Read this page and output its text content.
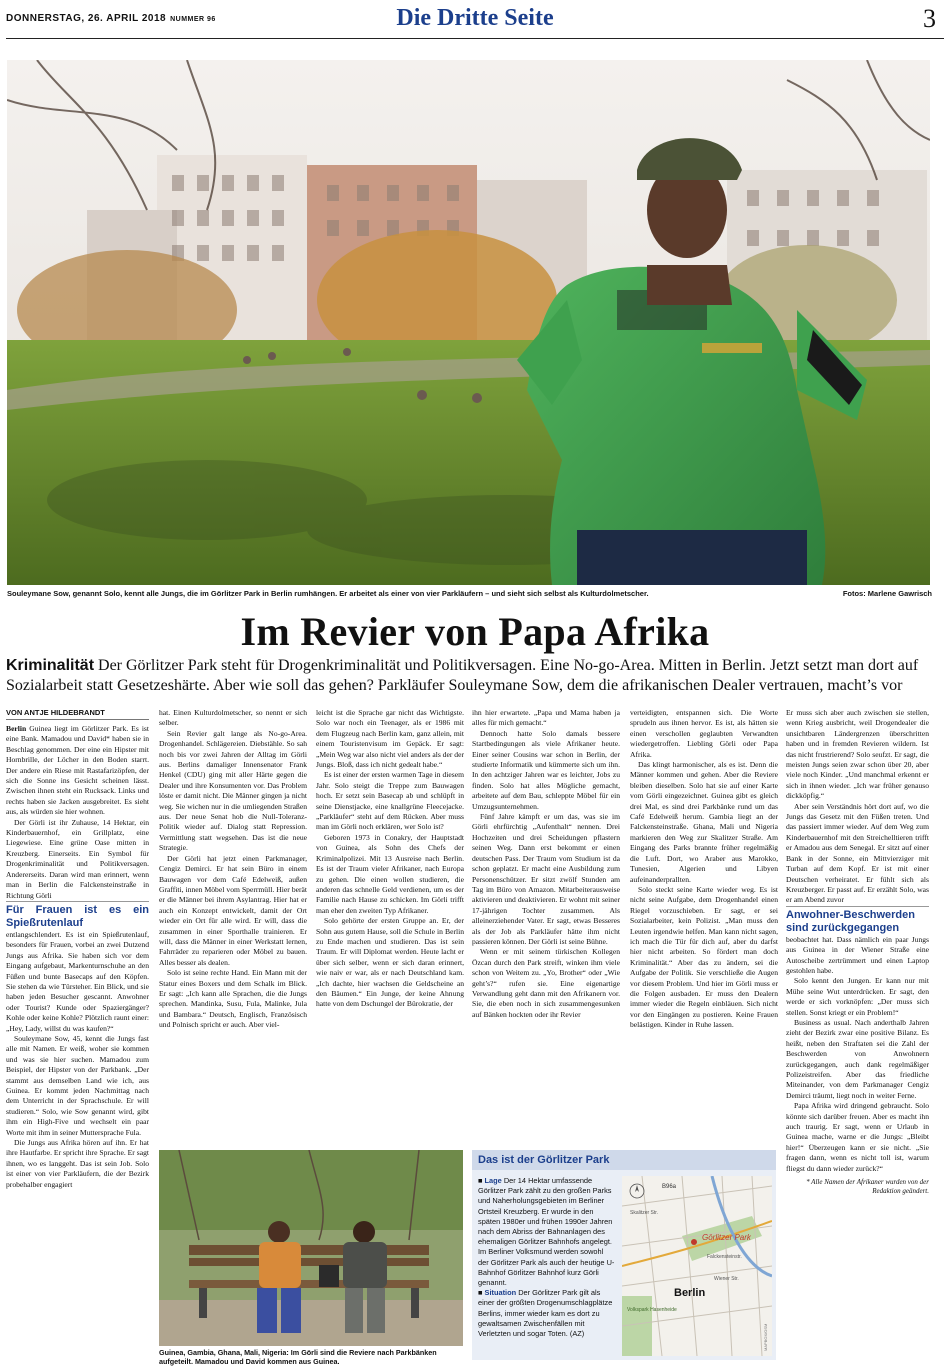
DONNERSTAG, 26. APRIL 2018 NUMMER 96	Die Dritte Seite	3
Souleymane Sow, genannt Solo, kennt alle Jungs, die im Görlitzer Park in Berlin rumhängen. Er arbeitet als einer von vier Parkläufern – und sieht sich selbst als Kulturdolmetscher.	Fotos: Marlene Gawrisch
Im Revier von Papa Afrika
Kriminalität Der Görlitzer Park steht für Drogenkriminalität und Politikversagen. Eine No-go-Area. Mitten in Berlin. Jetzt setzt man dort auf Sozialarbeit statt Gesetzeshärte. Aber wie soll das gehen? Parkläufer Souleymane Sow, dem die afrikanischen Dealer vertrauen, macht’s vor
VON ANTJE HILDEBRANDT

Berlin Guinea liegt im Görlitzer Park. Es ist eine Bank. Mamadou und David* haben sie in Beschlag genommen. Der eine ein Hipster mit Hornbrille, der Löcher in den Boden starrt. Der andere ein Riese mit Rastafarizöpfen, der sich die Sonne ins Gesicht scheinen lässt. Zwischen ihnen steht ein Rucksack. Links und rechts haben sie Jacken ausgebreitet. Es sieht aus, als würden sie hier wohnen.

Der Görli ist ihr Zuhause, 14 Hektar, ein Kinderbauernhof, ein Grillplatz, eine Liegewiese. Eine grüne Oase mitten in Kreuzberg. Einerseits. Ein Symbol für Drogenkriminalität und Politikversagen. Andererseits. Daran wird man erinnert, wenn man in Berlin die Falckensteinstraße in Richtung Görli

Für Frauen ist es ein Spießrutenlauf

entlangschlendert. Es ist ein Spießrutenlauf, besonders für Frauen, vorbei an zwei Dutzend Jungs aus Afrika. Sie haben sich vor dem Eingang aufgebaut, Markenturnschuhe an den Füßen und bunte Basecaps auf den Köpfen. Sie stehen da wie Türsteher. Ein Blick, und sie haben jeden Besucher gescannt. Anwohner oder Tourist? Kunde oder Spaziergänger? Kohle oder keine Kohle? Plötzlich raunt einer: „Hey, Lady, willst du was kaufen?“

Souleymane Sow, 45, kennt die Jungs fast alle mit Namen. Er weiß, woher sie kommen und was sie hier suchen. Mamadou zum Beispiel, der Hipster von der Parkbank. „Der stammt aus demselben Land wie ich, aus Guinea. Er kommt jeden Nachmittag nach dem Unterricht in der Sprachschule. Er will studieren.“ Solo, wie Sow genannt wird, gibt ihm ein High-Five und wechselt ein paar Worte mit ihm in seiner Muttersprache Fula.

Die Jungs aus Afrika hören auf ihn. Er hat ihre Hautfarbe. Er spricht ihre Sprache. Er sagt ihnen, wo es langgeht. Das ist sein Job. Solo ist einer von vier Parkläufern, die der Bezirk probehalber engagiert

hat. Einen Kulturdolmetscher, so nennt er sich selber.

Sein Revier galt lange als No-go-Area. Drogenhandel. Schlägereien. Diebstähle. So sah noch bis vor zwei Jahren der Alltag im Görli aus. Berlins damaliger Innensenator Frank Henkel (CDU) ging mit aller Härte gegen die Dealer und ihre Konsumenten vor. Das Problem löste er damit nicht. Die Männer gingen ja nicht weg. Sie wichen nur in die umliegenden Straßen aus. Der neue Senat hob die Null-Toleranz-Politik wieder auf. Dialog statt Repression. Vermittlung statt wegsehen. Das ist die neue Strategie.

Der Görli hat jetzt einen Parkmanager, Cengiz Demirci. Er hat sein Büro in einem Bauwagen vor dem Café Edelweiß, außen Graffiti, innen Möbel vom Sperrmüll. Hier berät er die Männer bei ihrem Asylantrag. Hier hat er auch ein Konzept entwickelt, damit der Ort wieder ein Ort für alle wird. Er will, dass die zusammen in einer Sporthalle trainieren. Er will, dass die Männer in einer Werkstatt lernen, Fahrräder zu reparieren oder Möbel zu bauen. Alles besser als dealen.

Solo ist seine rechte Hand. Ein Mann mit der Statur eines Boxers und dem Schalk im Blick. Er sagt: „Ich kann alle Sprachen, die die Jungs sprechen. Mandinka, Susu, Fula, Malinke, Jula und Bambara.“ Deutsch, Englisch, Französisch und Polnisch spricht er auch. Aber viel-

leicht ist die Sprache gar nicht das Wichtigste. Solo war noch ein Teenager, als er 1986 mit dem Flugzeug nach Berlin kam, ganz allein, mit einem Touristenvisum im Gepäck. Er sagt: „Mein Weg war also nicht viel anders als der der Jungs. Bloß, dass ich nicht gedealt habe.“

Es ist einer der ersten warmen Tage in diesem Jahr. Solo steigt die Treppe zum Bauwagen hoch. Er setzt sein Basecap ab und schlüpft in seine Dienstjacke, eine knallgrüne Fleecejacke. „Parkläufer“ steht auf dem Rücken. Aber muss man im Görli noch erklären, wer Solo ist?

Geboren 1973 in Conakry, der Hauptstadt von Guinea, als Sohn des Chefs der Kriminalpolizei. Mit 13 Ausreise nach Berlin. Es ist der Traum vieler Afrikaner, nach Europa zu gehen. Die einen wollen studieren, die anderen das schnelle Geld verdienen, um es der Familie nach Hause zu schicken. Im Görli trifft man eher den zweiten Typ Afrikaner.

Solo gehörte der ersten Gruppe an. Er, der Sohn aus gutem Hause, soll die Schule in Berlin zu Ende machen und studieren. Das ist sein Traum. Er will Diplomat werden. Heute lacht er über sich selber, wenn er sich daran erinnert, wie naiv er war, als er nach Deutschland kam. „Ich dachte, hier wachsen die Geldscheine an den Bäumen.“ Ein Junge, der keine Ahnung hatte von dem Dschungel der Bürokratie, der

ihn hier erwartete. „Papa und Mama haben ja alles für mich gemacht.“

Dennoch hatte Solo damals bessere Startbedingungen als viele Afrikaner heute. Einer seiner Cousins war schon in Berlin, der studierte Informatik und kümmerte sich um ihn. In den achtziger Jahren war es leichter, Jobs zu finden. Solo hat alles Mögliche gemacht, arbeitete auf dem Bau, schleppte Möbel für ein Umzugsunternehmen.

Fünf Jahre kämpft er um das, was sie im Görli ehrfürchtig „Aufenthalt“ nennen. Drei Hochzeiten und drei Scheidungen pflastern seinen Weg. Dann erst bekommt er einen deutschen Pass. Der Traum vom Studium ist da schon geplatzt. Er macht eine Ausbildung zum Personenschützer. Er sitzt zwölf Stunden am Tag im Büro von Amazon. Mitarbeiterausweise aktivieren und deaktivieren. Er wohnt mit seiner 17-jährigen Tochter zusammen. Als alleinerziehender Vater. Er sagt, etwas Besseres als der Job als Parkläufer hätte ihm nicht passieren können. Der Görli ist seine Bühne.

Wenn er mit seinem türkischen Kollegen Özcan durch den Park streift, winken ihm viele schon von Weitem zu. „Yo, Brother“ oder „Wie geht’s?“ rufen sie. Eine eigenartige Verwandlung geht dann mit den Afrikanern vor. Sie, die eben noch in sich zusammengesunken auf Bänken hockten oder ihr Revier

verteidigten, entspannen sich. Die Worte sprudeln aus ihnen hervor. Es ist, als hätten sie einen verschollen geglaubten Verwandten wiedergetroffen. Liebling Görli oder Papa Afrika.

Das klingt harmonischer, als es ist. Denn die Männer kommen und gehen. Aber die Reviere bleiben dieselben. Solo hat sie auf einer Karte vom Görli eingezeichnet. Guinea gibt es gleich drei Mal, es sind drei Parkbänke rund um das Café Edelweiß herum. Gambia liegt an der Falckensteinstraße. Ghana, Mali und Nigeria markieren den Weg zur Skalitzer Straße. Am Eingang des Parks brannte früher regelmäßig die Luft. Dort, wo Araber aus Marokko, Tunesien, Algerien und Libyen aufeinanderprallten.

Solo steckt seine Karte wieder weg. Es ist nicht seine Aufgabe, dem Drogenhandel einen Riegel vorzuschieben. Er sagt, er sei Sozialarbeiter, kein Polizist. „Man muss den Leuten irgendwie helfen. Man kann nicht sagen, ich mach die Tür für dich auf, aber du darfst hier nicht arbeiten. So fördert man doch Kriminalität.“ Aber das zu ändern, sei die Aufgabe der Politik. Sie verschließe die Augen vor diesem Problem. Und hier im Görli muss er die Folgen ausbaden. Er muss den Dealern immer wieder die Regeln einbläuen. Sich nicht vor den Eingängen zu postieren. Keine Frauen belästigen. Kinder in Ruhe lassen.

Er muss sich aber auch zwischen sie stellen, wenn Krieg ausbricht, weil Drogendealer die unsichtbaren Ländergrenzen überschritten haben und in fremden Revieren wildern. Ist das nicht frustrierend? Solo seufzt. Er sagt, die meisten Jungs seien zwar schon über 20, aber viele noch Kinder. „Und manchmal erkennt er sich in ihnen wieder. „Ich war früher genauso dickköpfig.“

Aber sein Verständnis hört dort auf, wo die Jungs das Gesetz mit den Füßen treten. Und das passiert immer wieder. Auf dem Weg zum Kinderbauernhof mit den Streichelltieren trifft er Amadou aus dem Senegal. Er sitzt auf einer Bank in der Sonne, ein Mittvierziger mit Turban auf dem Kopf. Er ist mit einer Deutschen verheiratet. Er fühlt sich als Kreuzberger. Er passt auf. Er erzählt Solo, was er am Abend zuvor

Anwohner-Beschwerden sind zurückgegangen

beobachtet hat. Dass nämlich ein paar Jungs aus Guinea in der Wiener Straße eine Autoscheibe zertrümmert und einen Laptop gestohlen habe.

Solo kennt den Jungen. Er kann nur mit Mühe seine Wut unterdrücken. Er sagt, den werde er sich vorknöpfen: „Der muss sich stellen. Sonst kriegt er ein Problem!“

Business as usual. Nach anderthalb Jahren zieht der Bezirk zwar eine positive Bilanz. Es heißt, neben den Straftaten sei die Zahl der Beschwerden von Anwohnern zurückgegangen, auch dank regelmäßiger Polizeistreifen. Aber das friedliche Miteinander, von dem Parkmanager Cengiz Demirci träumt, liegt noch in weiter Ferne.

Papa Afrika wird dringend gebraucht. Solo könnte sich darüber freuen. Aber es macht ihn auch traurig. Er sagt, wenn er Urlaub in Guinea mache, warne er die Jungs: „Bleibt hier!“ Überzeugen kann er sie nicht. „Sie fragen dann, wenn es nicht toll ist, warum fliegst du dann wieder zurück?“

* Alle Namen der Afrikaner wurden von der Redaktion geändert.
Guinea, Gambia, Ghana, Mali, Nigeria: Im Görli sind die Reviere nach Parkbänken aufgeteilt. Mamadou und David kommen aus Guinea.
Das ist der Görlitzer Park
■ Lage Der 14 Hektar umfassende Görlitzer Park zählt zu den großen Parks und Naherholungsgebieten im Berliner Ortsteil Kreuzberg. Er wurde in den späten 1980er und frühen 1990er Jahren nach dem Abriss der Bahnanlagen des ehemaligen Görlitzer Bahnhofs angelegt. Im Berliner Volksmund werden sowohl der Görlitzer Park als auch der heutige U-Bahnhof Görlitzer Bahnhof kurz Görli genannt.
■ Situation Der Görlitzer Park gilt als einer der größten Drogenumschlagplätze Berlins, immer wieder kam es dort zu gewaltsamen Zwischenfällen mit Verletzten und sogar Toten. (AZ)
Görlitzer Park
Berlin
B96a
Volkspark Hasenheide
Skalitzer Str.
Falckensteinstr.
Wiener Str.
MAPBOX/OSM
